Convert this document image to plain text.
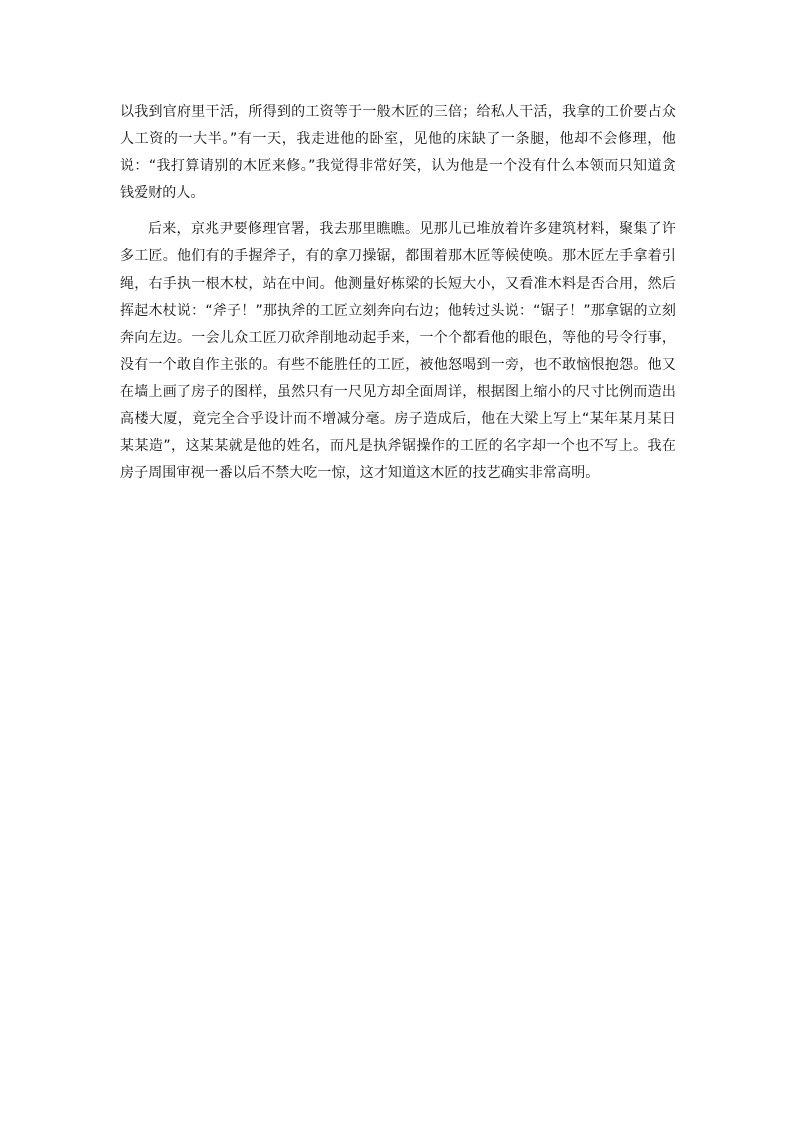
以我到官府里干活，所得到的工资等于一般木匠的三倍；给私人干活，我拿的工价要占众人工资的一大半。”有一天，我走进他的卧室，见他的床缺了一条腿，他却不会修理，他说：“我打算请别的木匠来修。”我觉得非常好笑，认为他是一个没有什么本领而只知道贪钱爱财的人。

后来，京兆尹要修理官署，我去那里瞧瞧。见那儿已堆放着许多建筑材料，聚集了许多工匠。他们有的手握斧子，有的拿刀操锯，都围着那木匠等候使唤。那木匠左手拿着引绳，右手执一根木杖，站在中间。他测量好栋梁的长短大小，又看准木料是否合用，然后挥起木杖说：“斧子！”那执斧的工匠立刻奔向右边；他转过头说：“锯子！”那拿锯的立刻奔向左边。一会儿众工匠刀砍斧削地动起手来，一个个都看他的眼色，等他的号令行事，没有一个敢自作主张的。有些不能胜任的工匠，被他怒喝到一旁，也不敢恼恨抱怨。他又在墙上画了房子的图样，虽然只有一尺见方却全面周详，根据图上缩小的尺寸比例而造出高楼大厦，竟完全合乎设计而不增减分毫。房子造成后，他在大梁上写上“某年某月某日某某造”，这某某就是他的姓名，而凡是执斧锯操作的工匠的名字却一个也不写上。我在房子周围审视一番以后不禁大吃一惊，这才知道这木匠的技艺确实非常高明。
